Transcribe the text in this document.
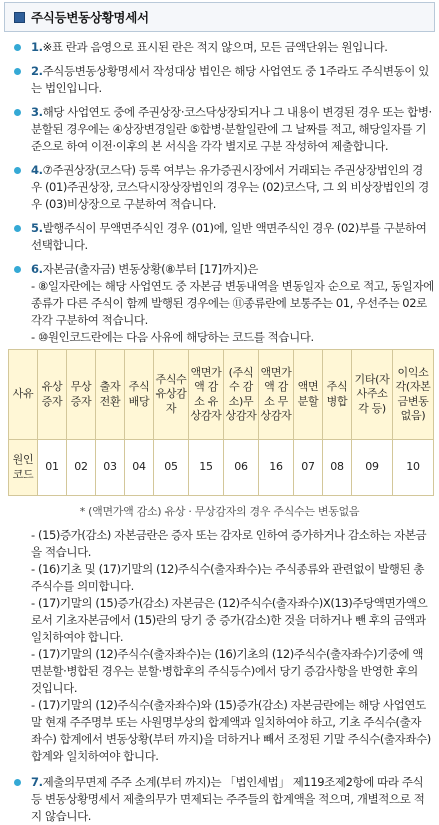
주식등변동상황명세서
1.※표 란과 음영으로 표시된 란은 적지 않으며, 모든 금액단위는 원입니다.
2.주식등변동상황명세서 작성대상 법인은 해당 사업연도 중 1주라도 주식변동이 있는 법인입니다.
3.해당 사업연도 중에 주권상장·코스닥상장되거나 그 내용이 변경된 경우 또는 합병·분할된 경우에는 ④상장변경일란 ⑤합병·분할일란에 그 날짜를 적고, 해당일자를 기준으로 하여 이전·이후의 본 서식을 각각 별지로 구분 작성하여 제출합니다.
4.⑦주권상장(코스닥) 등록 여부는 유가증권시장에서 거래되는 주권상장법인의 경우 (01)주권상장, 코스닥시장상장법인의 경우는 (02)코스닥, 그 외 비상장법인의 경우 (03)비상장으로 구분하여 적습니다.
5.발행주식이 무액면주식인 경우 (01)에, 일반 액면주식인 경우 (02)부를 구분하여 선택합니다.
6.자본금(출자금) 변동상황(⑧부터 [17]까지)은
- ⑧일자란에는 해당 사업연도 중 자본금 변동내역을 변동일자 순으로 적고, 동일자에 종류가 다른 주식이 함께 발행된 경우에는 ⑪종류란에 보통주는 01, 우선주는 02로 각각 구분하여 적습니다.
- ⑩원인코드란에는 다음 사유에 해당하는 코드를 적습니다.
사유	유상증자	무상증자	출자전환	주식배당	주식수 유상감자	액면가액 감소 유상감자	(주식수 감소)무상감자	액면가액 감소 무상감자	액면분할	주식병합	기타(자사주소각 등)	이익소각(자본금변동없음)
원인코드	01	02	03	04	05	15	06	16	07	08	09	10
* (액면가액 감소) 유상 · 무상감자의 경우 주식수는 변동없음
- (15)증가(감소) 자본금란은 증자 또는 감자로 인하여 증가하거나 감소하는 자본금을 적습니다.
- (16)기초 및 (17)기말의 (12)주식수(출자좌수)는 주식종류와 관련없이 발행된 총주식수를 의미합니다.
- (17)기말의 (15)증가(감소) 자본금은 (12)주식수(출자좌수)X(13)주당액면가액으로서 기초자본금에서 (15)란의 당기 중 증가(감소)한 것을 더하거나 뺀 후의 금액과 일치하여야 합니다.
- (17)기말의 (12)주식수(출자좌수)는 (16)기초의 (12)주식수(출자좌수)기중에 액면분할·병합된 경우는 분할·병합후의 주식등수)에서 당기 증감사항을 반영한 후의 것입니다.
- (17)기말의 (12)주식수(출자좌수)와 (15)증가(감소) 자본금란에는 해당 사업연도말 현재 주주명부 또는 사원명부상의 합계액과 일치하여야 하고, 기초 주식수(출자좌수) 합계에서 변동상황(부터 까지)을 더하거나 빼서 조정된 기말 주식수(출자좌수) 합계와 일치하여야 합니다.
7.제출의무면제 주주 소계(부터 까지)는 「법인세법」 제119조제2항에 따라 주식등 변동상황명세서 제출의무가 면제되는 주주들의 합계액을 적으며, 개별적으로 적지 않습니다.
